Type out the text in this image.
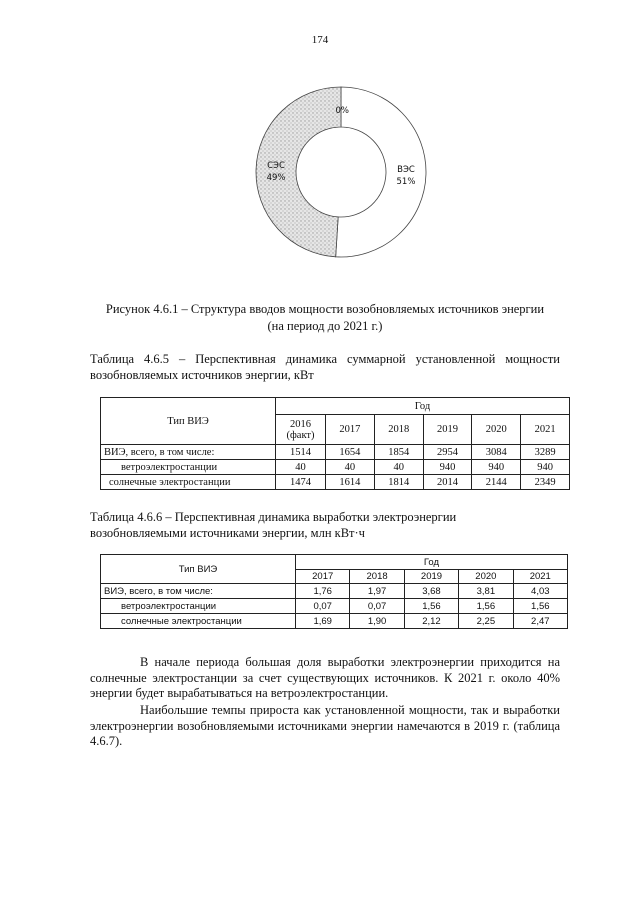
174
ВЭС
51%
СЭС
49%
0%
Рисунок 4.6.1 – Структура вводов мощности возобновляемых источников энергии
(на период до 2021 г.)
Таблица 4.6.5 – Перспективная динамика суммарной установленной мощности возобновляемых источников энергии, кВт
Тип ВИЭ	Год					
	2016 (факт)	2017	2018	2019	2020	2021
ВИЭ, всего, в том числе:	1514	1654	1854	2954	3084	3289
ветроэлектростанции	40	40	40	940	940	940
солнечные электростанции	1474	1614	1814	2014	2144	2349
Таблица 4.6.6 – Перспективная динамика выработки электроэнергии
возобновляемыми источниками энергии, млн кВт·ч
Тип ВИЭ	Год				
	2017	2018	2019	2020	2021
ВИЭ, всего, в том числе:	1,76	1,97	3,68	3,81	4,03
ветроэлектростанции	0,07	0,07	1,56	1,56	1,56
солнечные электростанции	1,69	1,90	2,12	2,25	2,47
В начале периода большая доля выработки электроэнергии приходится на солнечные электростанции за счет существующих источников. К 2021 г. около 40% энергии будет вырабатываться на ветроэлектростанции.
Наибольшие темпы прироста как установленной мощности, так и выработки электроэнергии возобновляемыми источниками энергии намечаются в 2019 г. (таблица 4.6.7).
